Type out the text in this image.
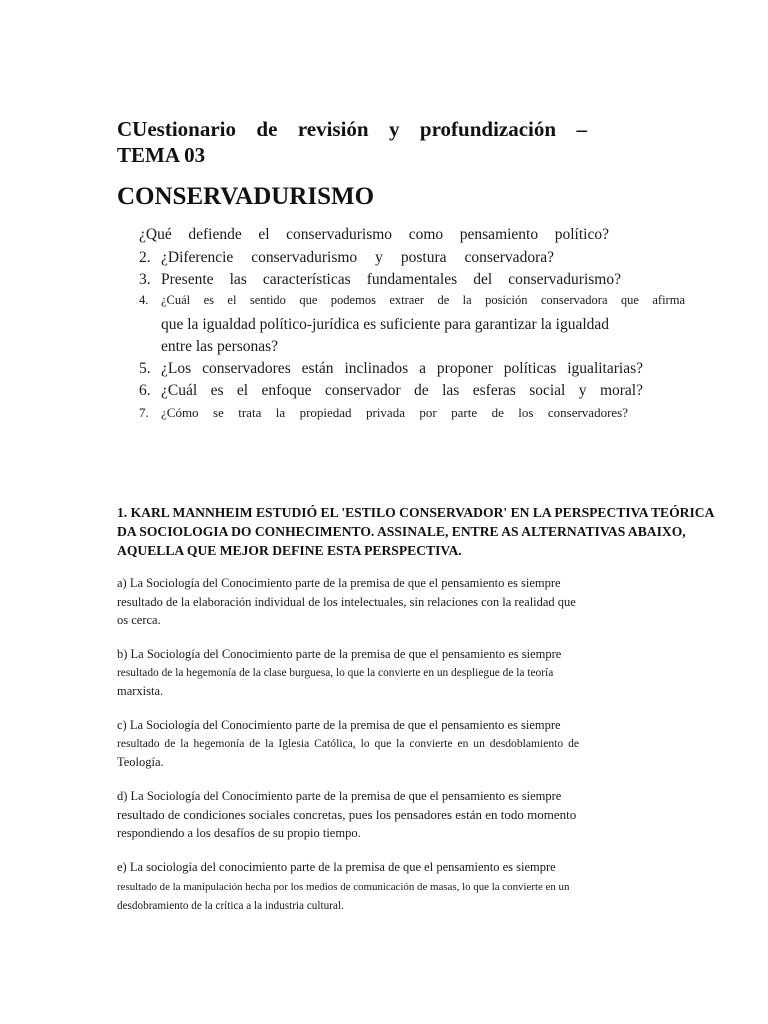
CUestionario de revisión y profundización –

TEMA 03

CONSERVADURISMO

¿Qué defiende el conservadurismo como pensamiento político?

2. ¿Diferencie conservadurismo y postura conservadora?

3. Presente las características fundamentales del conservadurismo?

4. ¿Cuál es el sentido que podemos extraer de la posición conservadora que afirma

que la igualdad político-jurídica es suficiente para garantizar la igualdad

entre las personas?

5. ¿Los conservadores están inclinados a proponer políticas igualitarias?

6. ¿Cuál es el enfoque conservador de las esferas social y moral?

7. ¿Cómo se trata la propiedad privada por parte de los conservadores?

1. KARL MANNHEIM ESTUDIÓ EL 'ESTILO CONSERVADOR' EN LA PERSPECTIVA TEÓRICA
DA SOCIOLOGIA DO CONHECIMENTO. ASSINALE, ENTRE AS ALTERNATIVAS ABAIXO,
AQUELLA QUE MEJOR DEFINE ESTA PERSPECTIVA.
a) La Sociología del Conocimiento parte de la premisa de que el pensamiento es siempre
resultado de la elaboración individual de los intelectuales, sin relaciones con la realidad que
os cerca.
b) La Sociología del Conocimiento parte de la premisa de que el pensamiento es siempre
resultado de la hegemonía de la clase burguesa, lo que la convierte en un despliegue de la teoría
marxista.
c) La Sociología del Conocimiento parte de la premisa de que el pensamiento es siempre
resultado de la hegemonía de la Iglesia Católica, lo que la convierte en un desdoblamiento de
Teología.
d) La Sociología del Conocimiento parte de la premisa de que el pensamiento es siempre
resultado de condiciones sociales concretas, pues los pensadores están en todo momento
respondiendo a los desafíos de su propio tiempo.
e) La sociología del conocimiento parte de la premisa de que el pensamiento es siempre
resultado de la manipulación hecha por los medios de comunicación de masas, lo que la convierte en un
desdobramiento de la crítica a la industria cultural.
